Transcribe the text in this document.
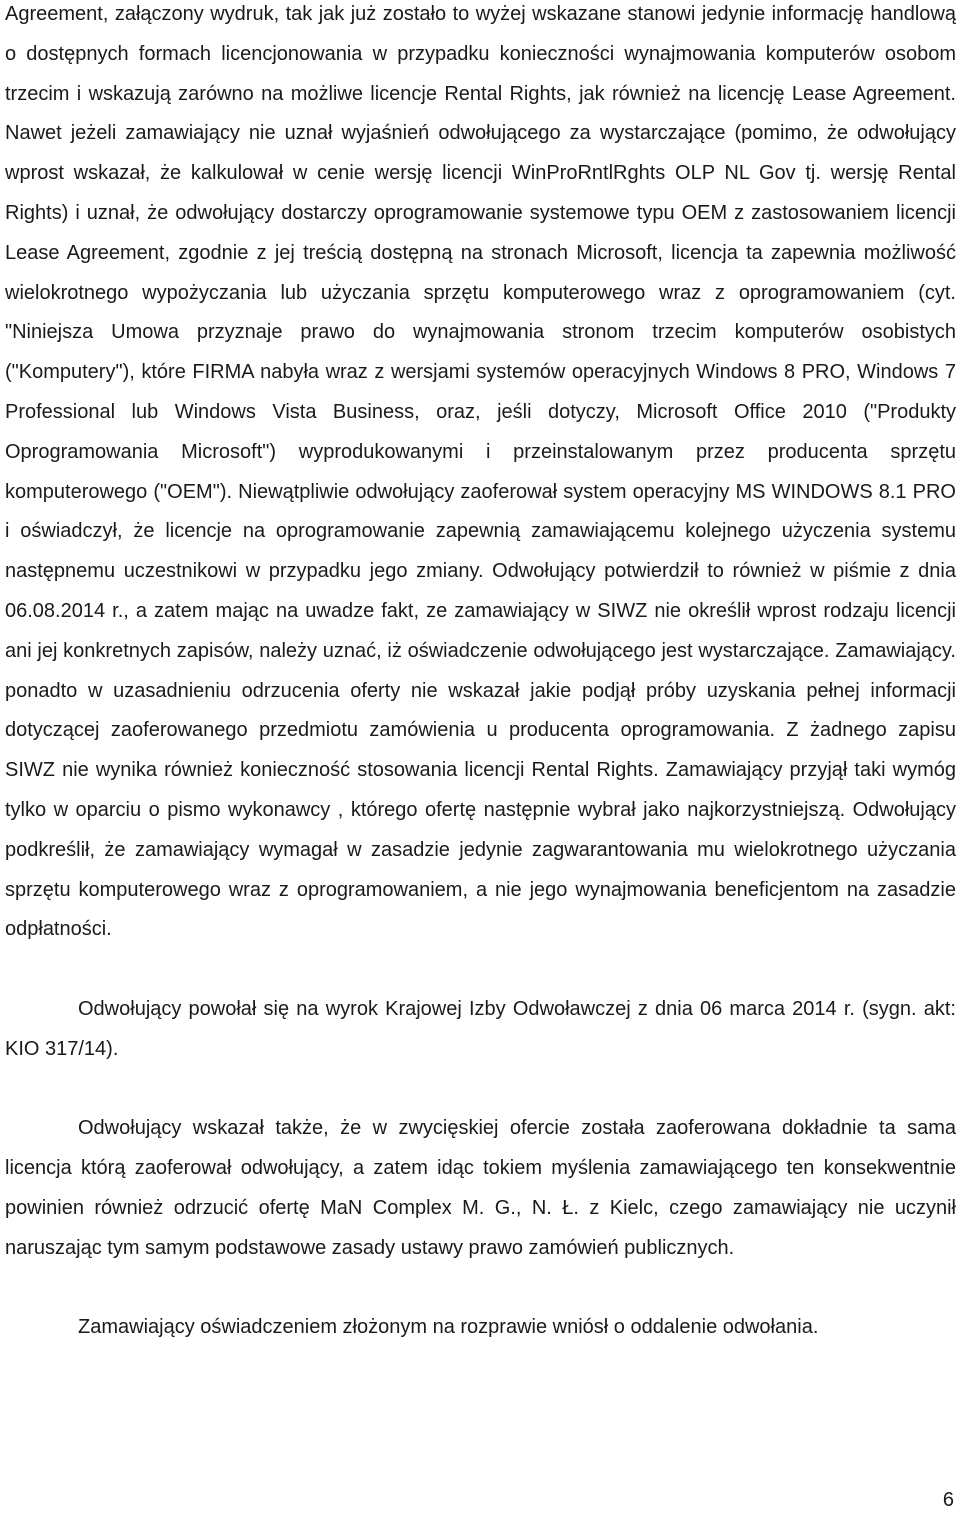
Agreement, załączony wydruk, tak jak już zostało to wyżej wskazane stanowi jedynie informację handlową o dostępnych formach licencjonowania w przypadku konieczności wynajmowania komputerów osobom trzecim i wskazują zarówno na możliwe licencje Rental Rights, jak również na licencję Lease Agreement. Nawet jeżeli zamawiający nie uznał wyjaśnień odwołującego za wystarczające (pomimo, że odwołujący wprost wskazał, że kalkulował w cenie wersję licencji WinProRntlRghts OLP NL Gov tj. wersję Rental Rights) i uznał, że odwołujący dostarczy oprogramowanie systemowe typu OEM z zastosowaniem licencji Lease Agreement, zgodnie z jej treścią dostępną na stronach Microsoft, licencja ta zapewnia możliwość wielokrotnego wypożyczania lub użyczania sprzętu komputerowego wraz z oprogramowaniem (cyt. "Niniejsza Umowa przyznaje prawo do wynajmowania stronom trzecim komputerów osobistych ("Komputery"), które FIRMA nabyła wraz z wersjami systemów operacyjnych Windows 8 PRO, Windows 7 Professional lub Windows Vista Business, oraz, jeśli dotyczy, Microsoft Office 2010 ("Produkty Oprogramowania Microsoft") wyprodukowanymi i przeinstalowanym przez producenta sprzętu komputerowego ("OEM"). Niewątpliwie odwołujący zaoferował system operacyjny MS WINDOWS 8.1 PRO i oświadczył, że licencje na oprogramowanie zapewnią zamawiającemu kolejnego użyczenia systemu następnemu uczestnikowi w przypadku jego zmiany. Odwołujący potwierdził to również w piśmie z dnia 06.08.2014 r., a zatem mając na uwadze fakt, ze zamawiający w SIWZ nie określił wprost rodzaju licencji ani jej konkretnych zapisów, należy uznać, iż oświadczenie odwołującego jest wystarczające. Zamawiający. ponadto w uzasadnieniu odrzucenia oferty nie wskazał jakie podjął próby uzyskania pełnej informacji dotyczącej zaoferowanego przedmiotu zamówienia u producenta oprogramowania. Z żadnego zapisu SIWZ nie wynika również konieczność stosowania licencji Rental Rights. Zamawiający przyjął taki wymóg tylko w oparciu o pismo wykonawcy , którego ofertę następnie wybrał jako najkorzystniejszą. Odwołujący podkreślił, że zamawiający wymagał w zasadzie jedynie zagwarantowania mu wielokrotnego użyczania sprzętu komputerowego wraz z oprogramowaniem, a nie jego wynajmowania beneficjentom na zasadzie odpłatności.

Odwołujący powołał się na wyrok Krajowej Izby Odwoławczej z dnia 06 marca 2014 r. (sygn. akt: KIO 317/14).

Odwołujący wskazał także, że w zwycięskiej ofercie została zaoferowana dokładnie ta sama licencja którą zaoferował odwołujący, a zatem idąc tokiem myślenia zamawiającego ten konsekwentnie powinien również odrzucić ofertę MaN Complex M. G., N. Ł. z Kielc, czego zamawiający nie uczynił naruszając tym samym podstawowe zasady ustawy prawo zamówień publicznych.

Zamawiający oświadczeniem złożonym na rozprawie wniósł o oddalenie odwołania.

6
